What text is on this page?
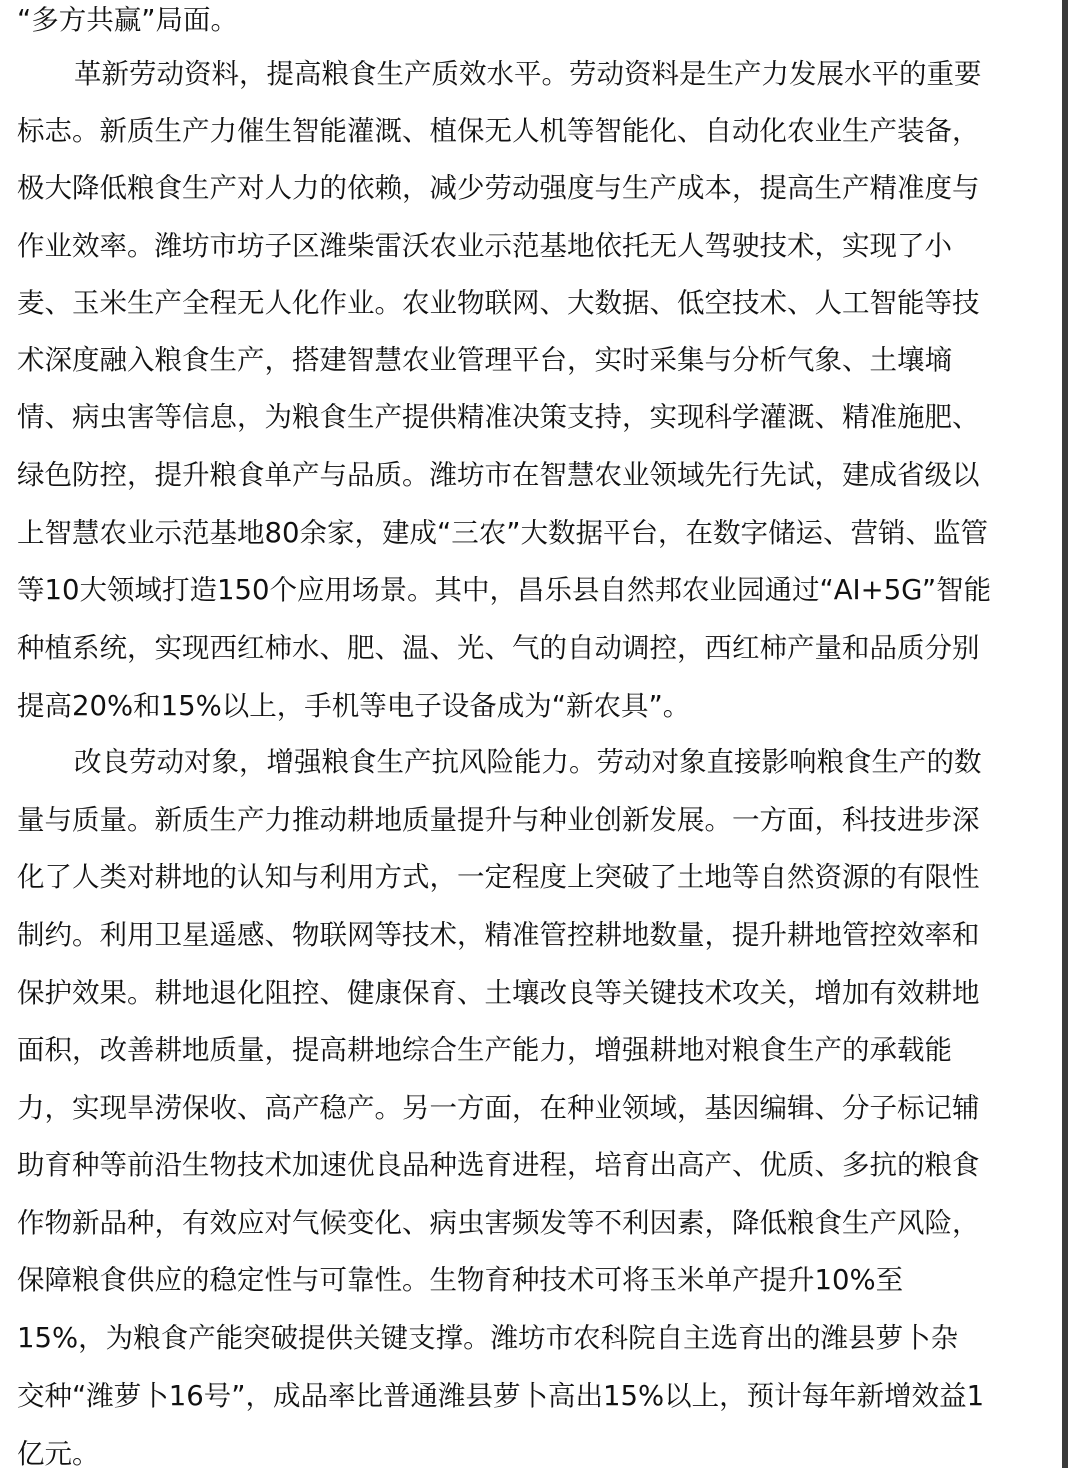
“多方共赢”局面。
革新劳动资料，提高粮食生产质效水平。劳动资料是生产力发展水平的重要
标志。新质生产力催生智能灌溉、植保无人机等智能化、自动化农业生产装备，
极大降低粮食生产对人力的依赖，减少劳动强度与生产成本，提高生产精准度与
作业效率。潍坊市坊子区潍柴雷沃农业示范基地依托无人驾驶技术，实现了小
麦、玉米生产全程无人化作业。农业物联网、大数据、低空技术、人工智能等技
术深度融入粮食生产，搭建智慧农业管理平台，实时采集与分析气象、土壤墒
情、病虫害等信息，为粮食生产提供精准决策支持，实现科学灌溉、精准施肥、
绿色防控，提升粮食单产与品质。潍坊市在智慧农业领域先行先试，建成省级以
上智慧农业示范基地80余家，建成“三农”大数据平台，在数字储运、营销、监管
等10大领域打造150个应用场景。其中，昌乐县自然邦农业园通过“AI+5G”智能
种植系统，实现西红柿水、肥、温、光、气的自动调控，西红柿产量和品质分别
提高20%和15%以上，手机等电子设备成为“新农具”。
改良劳动对象，增强粮食生产抗风险能力。劳动对象直接影响粮食生产的数
量与质量。新质生产力推动耕地质量提升与种业创新发展。一方面，科技进步深
化了人类对耕地的认知与利用方式，一定程度上突破了土地等自然资源的有限性
制约。利用卫星遥感、物联网等技术，精准管控耕地数量，提升耕地管控效率和
保护效果。耕地退化阻控、健康保育、土壤改良等关键技术攻关，增加有效耕地
面积，改善耕地质量，提高耕地综合生产能力，增强耕地对粮食生产的承载能
力，实现旱涝保收、高产稳产。另一方面，在种业领域，基因编辑、分子标记辅
助育种等前沿生物技术加速优良品种选育进程，培育出高产、优质、多抗的粮食
作物新品种，有效应对气候变化、病虫害频发等不利因素，降低粮食生产风险，
保障粮食供应的稳定性与可靠性。生物育种技术可将玉米单产提升10%至
15%，为粮食产能突破提供关键支撑。潍坊市农科院自主选育出的潍县萝卜杂
交种“潍萝卜16号”，成品率比普通潍县萝卜高出15%以上，预计每年新增效益1
亿元。
